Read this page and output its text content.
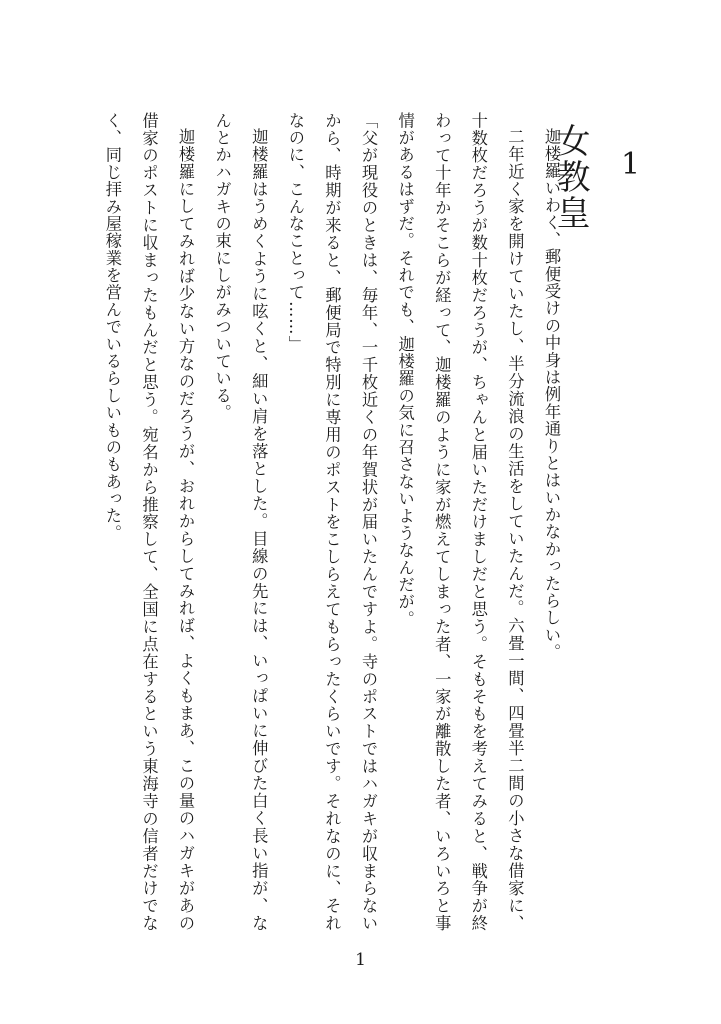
1
女教皇

迦楼羅いわく、郵便受けの中身は例年通りとはいかなかったらしい。

二年近く家を開けていたし、半分流浪の生活をしていたんだ。六畳一間、四畳半二間の小さな借家に、十数枚だろうが数十枚だろうが、ちゃんと届いただけましだと思う。そもそもを考えてみると、戦争が終わって十年かそこらが経って、迦楼羅のように家が燃えてしまった者、一家が離散した者、いろいろと事情があるはずだ。それでも、迦楼羅の気に召さないようなんだが。

「父が現役のときは、毎年、一千枚近くの年賀状が届いたんですよ。寺のポストではハガキが収まらないから、時期が来ると、郵便局で特別に専用のポストをこしらえてもらったくらいです。それなのに、それなのに、こんなことって……」

迦楼羅はうめくように呟くと、細い肩を落とした。目線の先には、いっぱいに伸びた白く長い指が、なんとかハガキの束にしがみついている。

迦楼羅にしてみれば少ない方なのだろうが、おれからしてみれば、よくもまあ、この量のハガキがあの借家のポストに収まったもんだと思う。宛名から推察して、全国に点在するという東海寺の信者だけでなく、同じ拝み屋稼業を営んでいるらしいものもあった。

1
